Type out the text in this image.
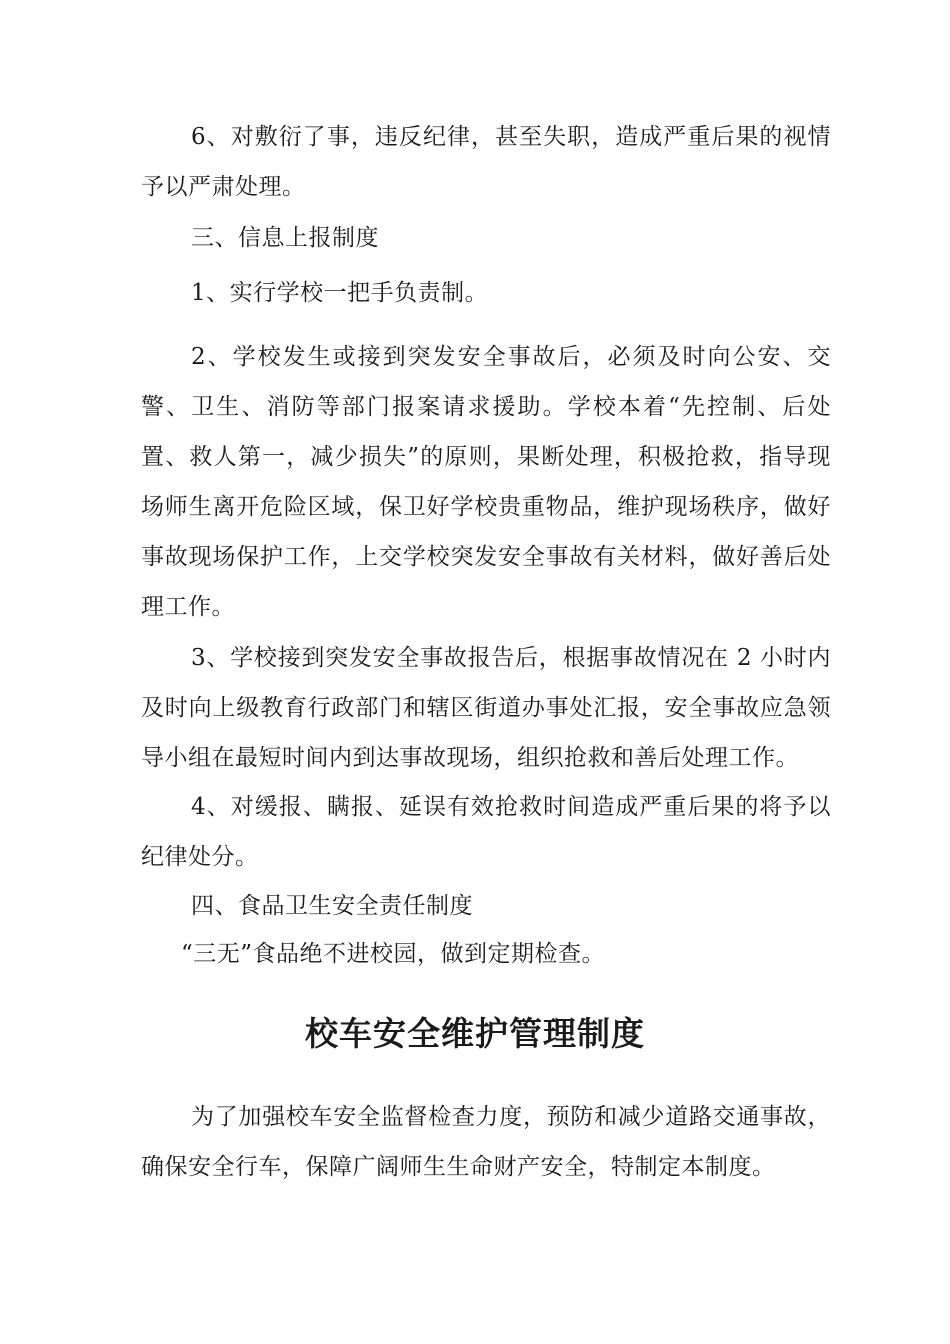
6、对敷衍了事，违反纪律，甚至失职，造成严重后果的视情予以严肃处理。

三、信息上报制度

1、实行学校一把手负责制。

2、学校发生或接到突发安全事故后，必须及时向公安、交警、卫生、消防等部门报案请求援助。学校本着“先控制、后处置、救人第一，减少损失”的原则，果断处理，积极抢救，指导现场师生离开危险区域，保卫好学校贵重物品，维护现场秩序，做好事故现场保护工作，上交学校突发安全事故有关材料，做好善后处理工作。

3、学校接到突发安全事故报告后，根据事故情况在 2 小时内及时向上级教育行政部门和辖区街道办事处汇报，安全事故应急领导小组在最短时间内到达事故现场，组织抢救和善后处理工作。

4、对缓报、瞒报、延误有效抢救时间造成严重后果的将予以纪律处分。

四、食品卫生安全责任制度

“三无”食品绝不进校园，做到定期检查。

校车安全维护管理制度

为了加强校车安全监督检查力度，预防和减少道路交通事故，确保安全行车，保障广阔师生生命财产安全，特制定本制度。
